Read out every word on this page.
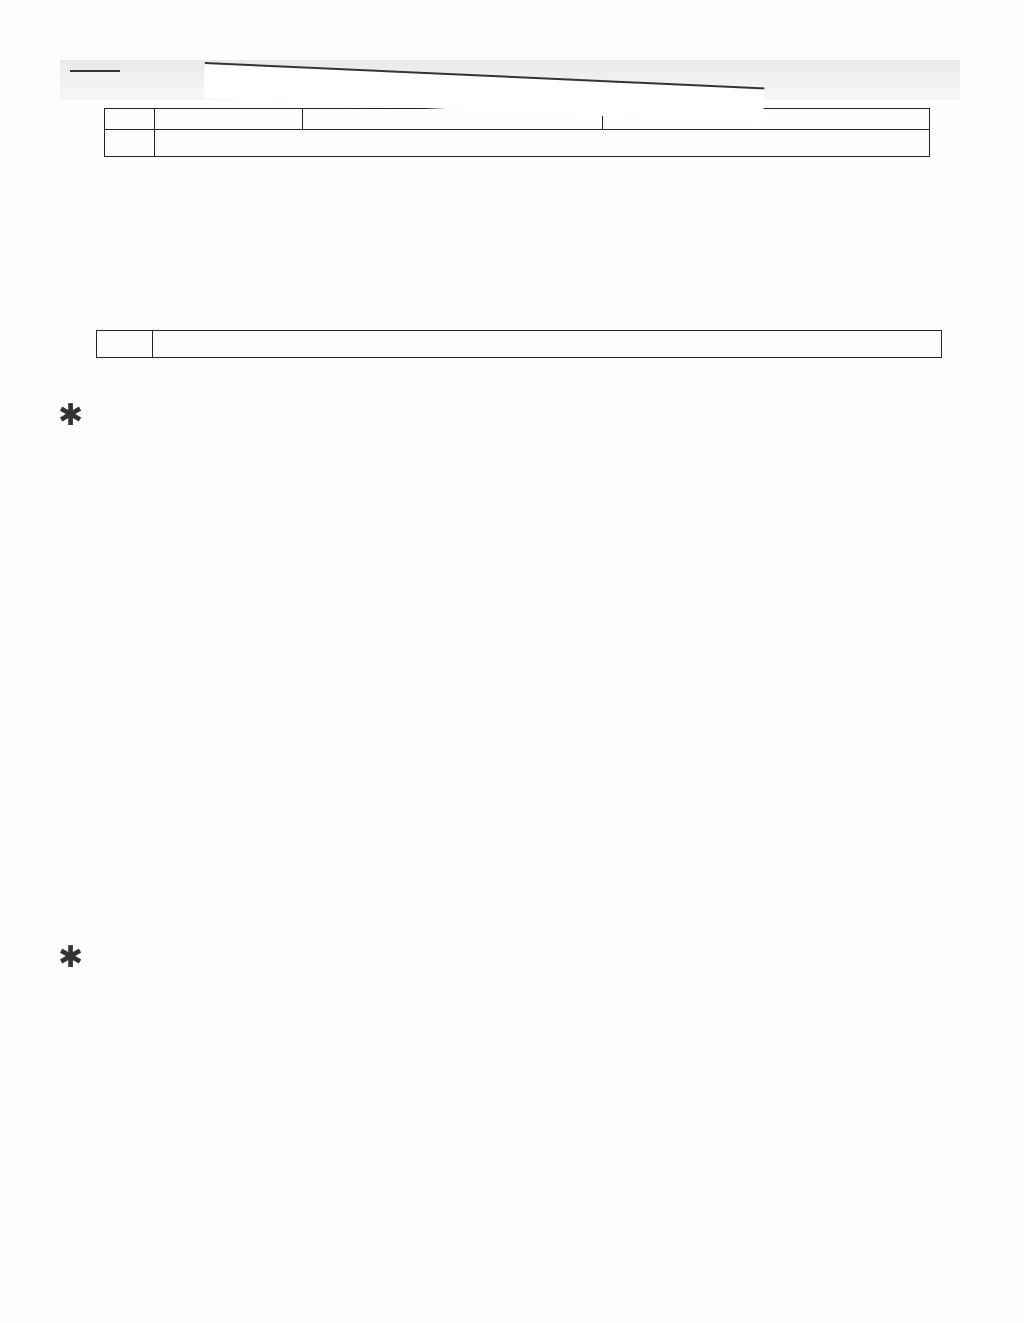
✱
✱
